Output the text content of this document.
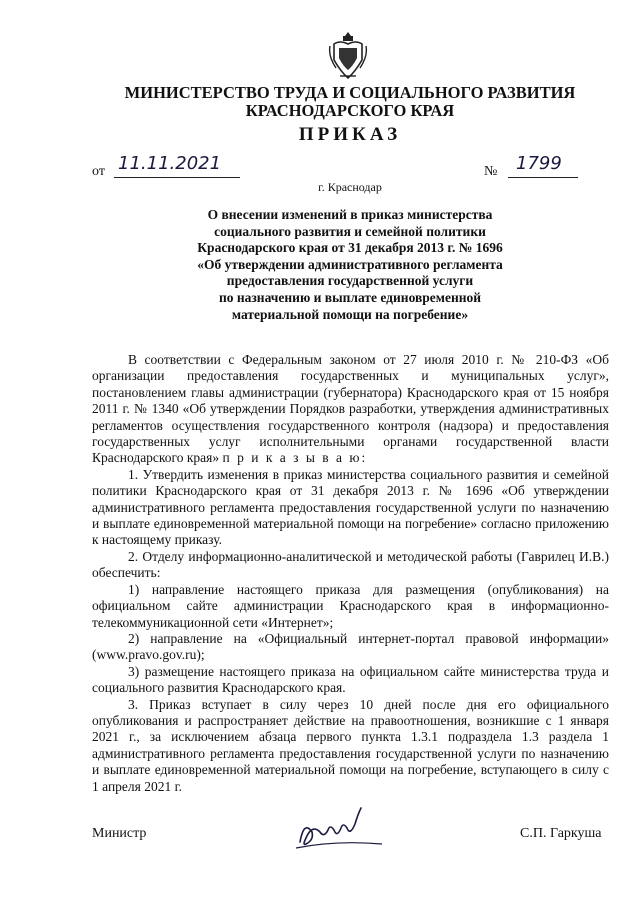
МИНИСТЕРСТВО ТРУДА И СОЦИАЛЬНОГО РАЗВИТИЯ
КРАСНОДАРСКОГО КРАЯ
ПРИКАЗ
от 11.11.2021	№	1799
г. Краснодар
О внесении изменений в приказ министерства
социального развития и семейной политики
Краснодарского края от 31 декабря 2013 г. № 1696
«Об утверждении административного регламента
предоставления государственной услуги
по назначению и выплате единовременной
материальной помощи на погребение»

В соответствии с Федеральным законом от 27 июля 2010 г. № 210-ФЗ «Об организации предоставления государственных и муниципальных услуг», постановлением главы администрации (губернатора) Краснодарского края от 15 ноября 2011 г. № 1340 «Об утверждении Порядков разработки, утверждения административных регламентов осуществления государственного контроля (надзора) и предоставления государственных услуг исполнительными органами государственной власти Краснодарского края» п р и к а з ы в а ю:

1. Утвердить изменения в приказ министерства социального развития и семейной политики Краснодарского края от 31 декабря 2013 г. № 1696 «Об утверждении административного регламента предоставления государственной услуги по назначению и выплате единовременной материальной помощи на погребение» согласно приложению к настоящему приказу.

2. Отделу информационно-аналитической и методической работы (Гаврилец И.В.) обеспечить:

1) направление настоящего приказа для размещения (опубликования) на официальном сайте администрации Краснодарского края в информационно-телекоммуникационной сети «Интернет»;

2) направление на «Официальный интернет-портал правовой информации» (www.pravo.gov.ru);

3) размещение настоящего приказа на официальном сайте министерства труда и социального развития Краснодарского края.

3. Приказ вступает в силу через 10 дней после дня его официального опубликования и распространяет действие на правоотношения, возникшие с 1 января 2021 г., за исключением абзаца первого пункта 1.3.1 подраздела 1.3 раздела 1 административного регламента предоставления государственной услуги по назначению и выплате единовременной материальной помощи на погребение, вступающего в силу с 1 апреля 2021 г.

Министр	С.П. Гаркуша
